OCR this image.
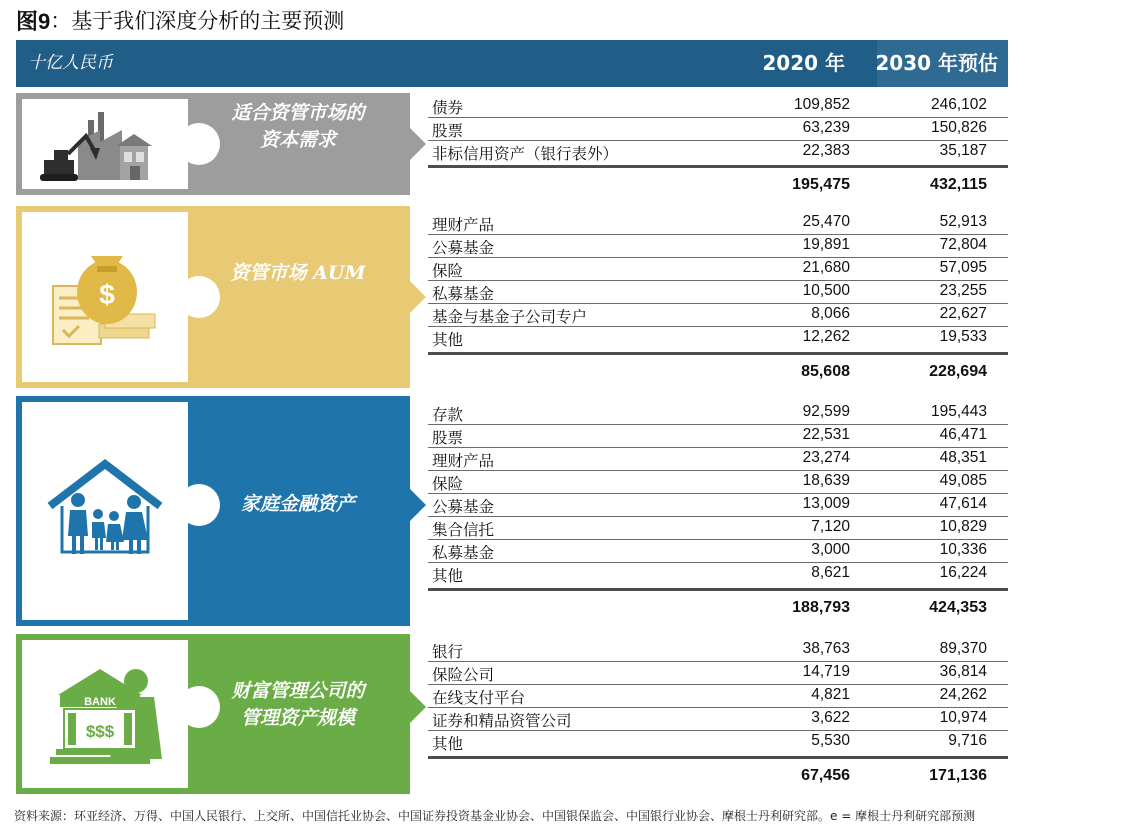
图9 ： 基于我们深度分析的主要预测
十亿人民币	2020 年 2030 年预估
适合资管市场的
资本需求
$
资管市场 AUM
家庭金融资产
BANK
$$$
财富管理公司的
管理资产规模
债券	109,852	246,102
股票	63,239	150,826
非标信用资产（银行表外）	22,383	35,187
195,475	432,115
理财产品	25,470	52,913
公募基金	19,891	72,804
保险	21,680	57,095
私募基金	10,500	23,255
基金与基金子公司专户	8,066	22,627
其他	12,262	19,533
85,608	228,694
存款	92,599	195,443
股票	22,531	46,471
理财产品	23,274	48,351
保险	18,639	49,085
公募基金	13,009	47,614
集合信托	7,120	10,829
私募基金	3,000	10,336
其他	8,621	16,224
188,793	424,353
银行	38,763	89,370
保险公司	14,719	36,814
在线支付平台	4,821	24,262
证券和精品资管公司	3,622	10,974
其他	5,530	9,716
67,456	171,136
资料来源：环亚经济、万得、中国人民银行、上交所、中国信托业协会、中国证券投资基金业协会、中国银保监会、中国银行业协会、摩根士丹利研究部。e = 摩根士丹利研究部预测
